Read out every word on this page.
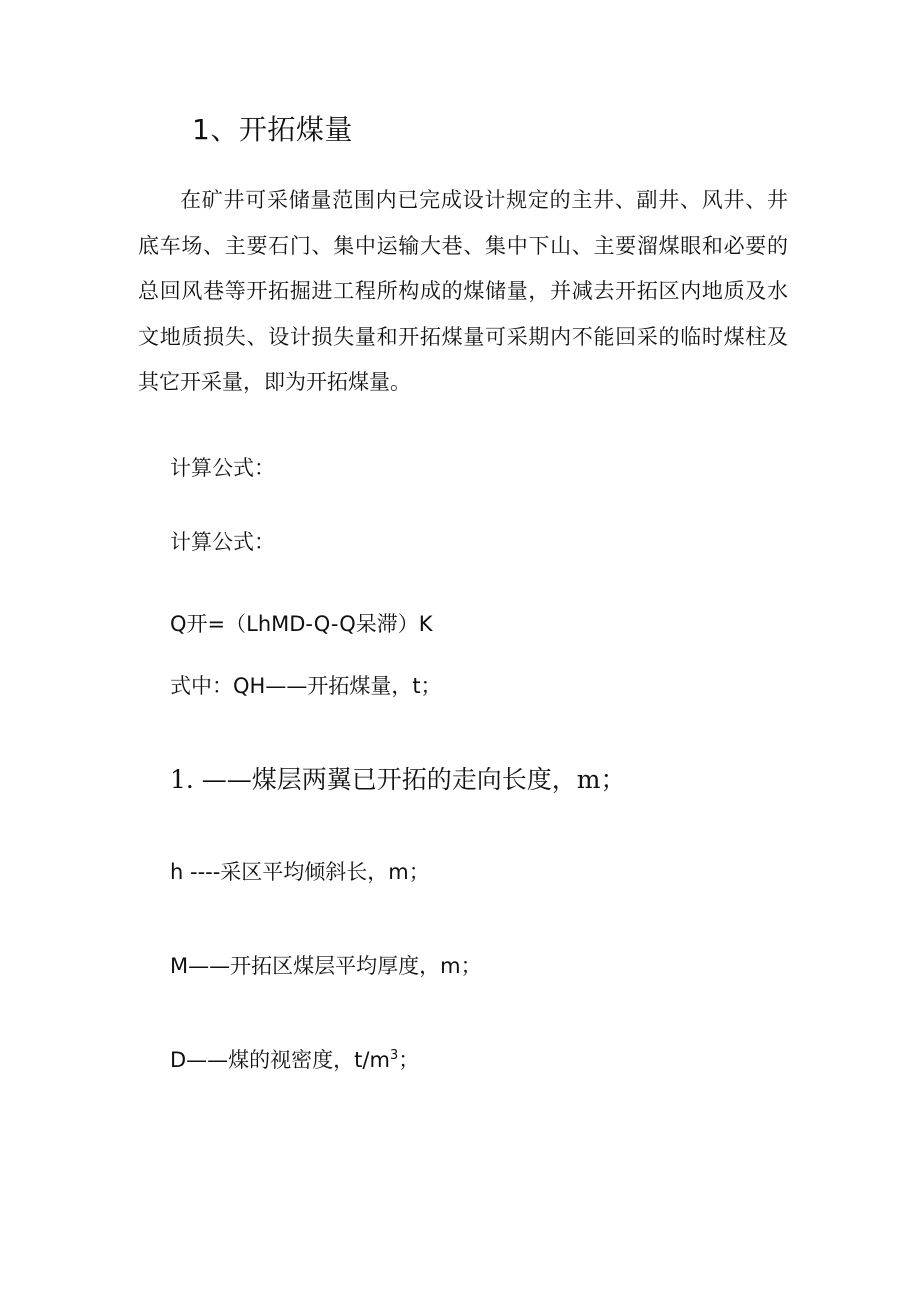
1、开拓煤量

在矿井可采储量范围内已完成设计规定的主井、副井、风井、井底车场、主要石门、集中运输大巷、集中下山、主要溜煤眼和必要的总回风巷等开拓掘进工程所构成的煤储量，并减去开拓区内地质及水文地质损失、设计损失量和开拓煤量可采期内不能回采的临时煤柱及其它开采量，即为开拓煤量。

计算公式：
计算公式：
Q开=（LhMD-Q-Q呆滞）K
式中：QH——开拓煤量，t；
1. ——煤层两翼已开拓的走向长度，m；
h ----采区平均倾斜长，m；
M——开拓区煤层平均厚度，m；
D——煤的视密度，$t/m^3$；
